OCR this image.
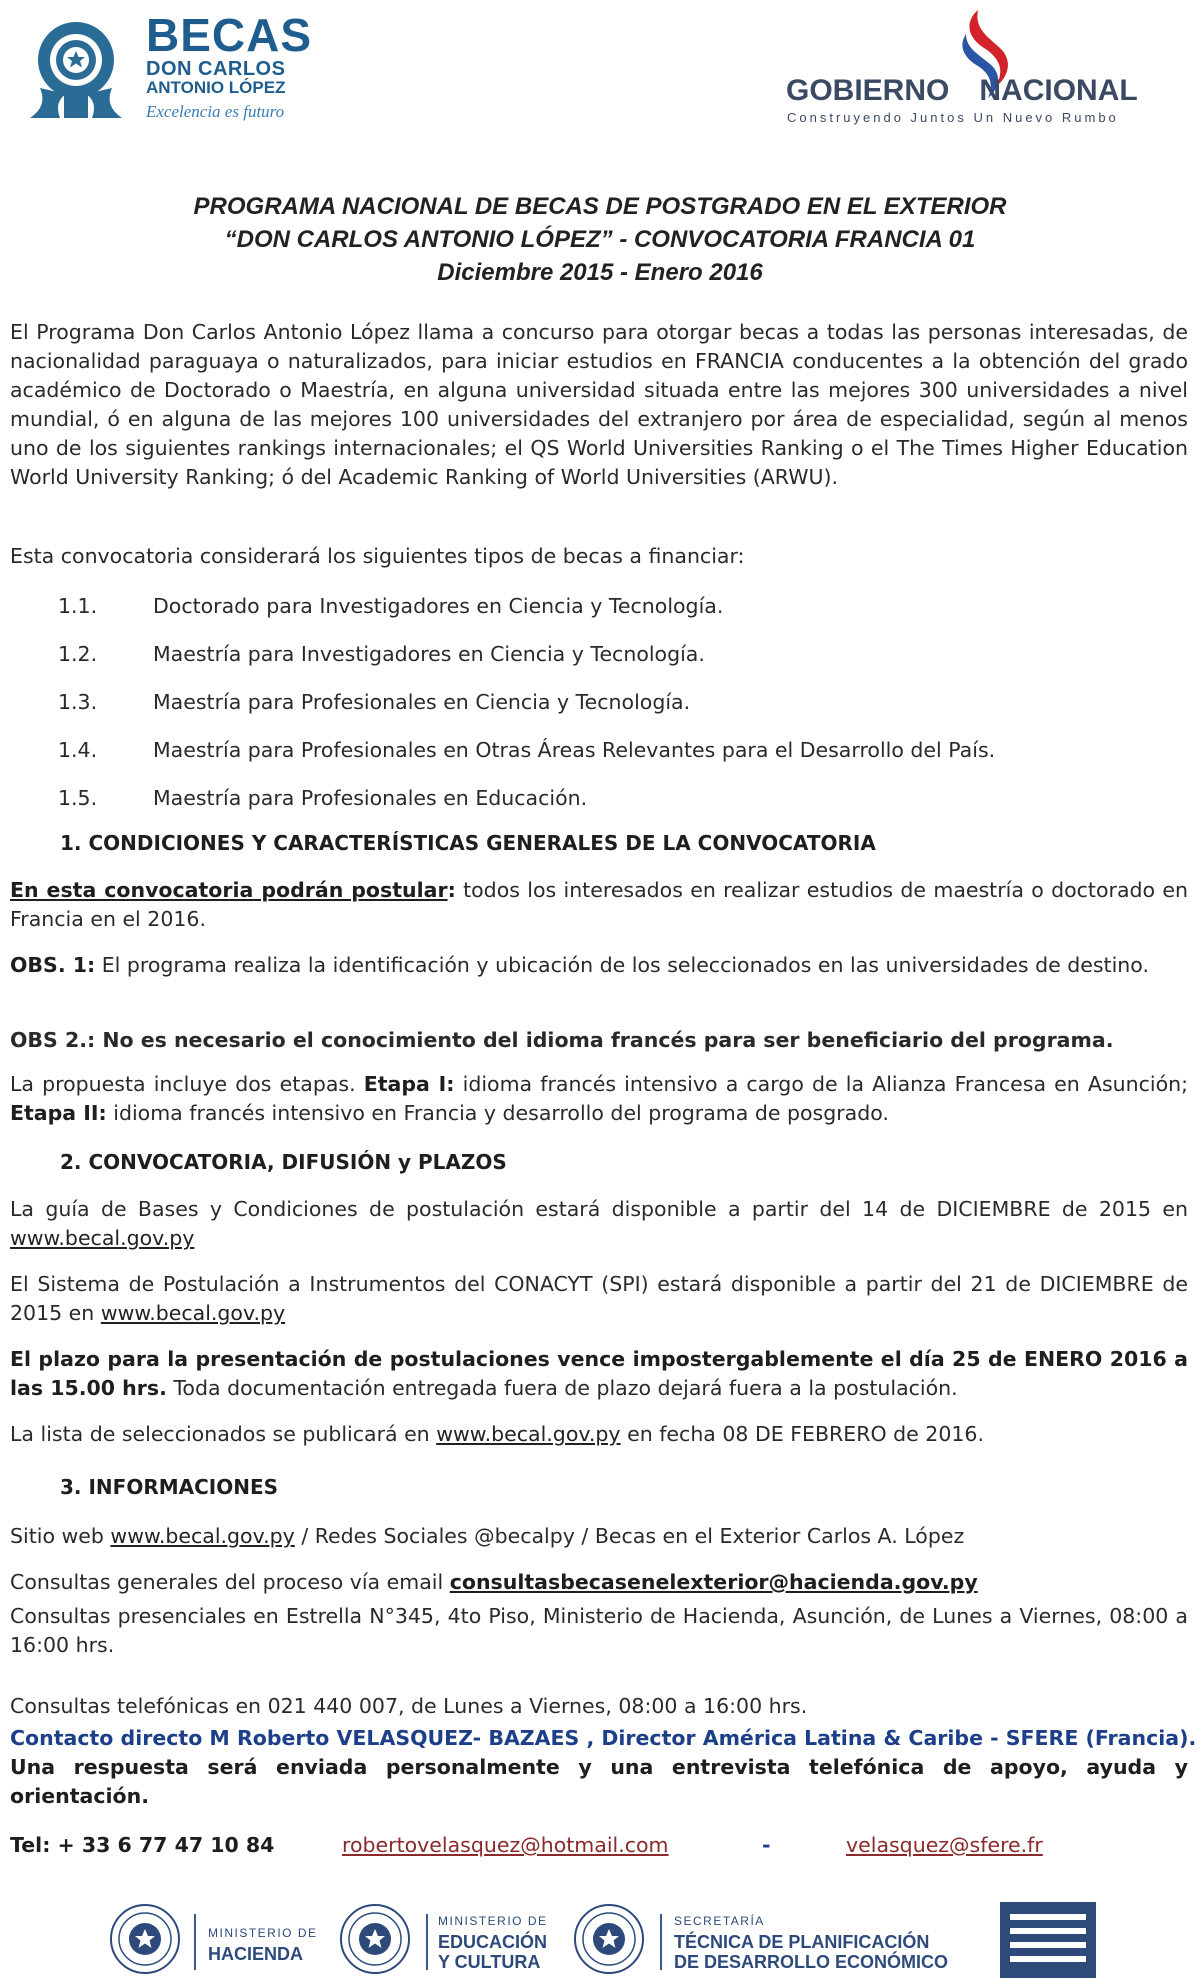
BECAS
DON CARLOS
ANTONIO LÓPEZ
Excelencia es futuro
GOBIERNO NACIONAL
Construyendo Juntos Un Nuevo Rumbo
PROGRAMA NACIONAL DE BECAS DE POSTGRADO EN EL EXTERIOR
“DON CARLOS ANTONIO LÓPEZ” - CONVOCATORIA FRANCIA 01
Diciembre 2015 - Enero 2016
El Programa Don Carlos Antonio López llama a concurso para otorgar becas a todas las personas interesadas, de nacionalidad paraguaya o naturalizados, para iniciar estudios en FRANCIA conducentes a la obtención del grado académico de Doctorado o Maestría, en alguna universidad situada entre las mejores 300 universidades a nivel mundial, ó en alguna de las mejores 100 universidades del extranjero por área de especialidad, según al menos uno de los siguientes rankings internacionales; el QS World Universities Ranking o el The Times Higher Education World University Ranking; ó del Academic Ranking of World Universities (ARWU).
Esta convocatoria considerará los siguientes tipos de becas a financiar:
1.1.	Doctorado para Investigadores en Ciencia y Tecnología.
1.2.	Maestría para Investigadores en Ciencia y Tecnología.
1.3.	Maestría para Profesionales en Ciencia y Tecnología.
1.4.	Maestría para Profesionales en Otras Áreas Relevantes para el Desarrollo del País.
1.5.	Maestría para Profesionales en Educación.
1. CONDICIONES Y CARACTERÍSTICAS GENERALES DE LA CONVOCATORIA
En esta convocatoria podrán postular: todos los interesados en realizar estudios de maestría o doctorado en Francia en el 2016.
OBS. 1: El programa realiza la identificación y ubicación de los seleccionados en las universidades de destino.
OBS 2.: No es necesario el conocimiento del idioma francés para ser beneficiario del programa.
La propuesta incluye dos etapas. Etapa I: idioma francés intensivo a cargo de la Alianza Francesa en Asunción; Etapa II: idioma francés intensivo en Francia y desarrollo del programa de posgrado.
2. CONVOCATORIA, DIFUSIÓN y PLAZOS
La guía de Bases y Condiciones de postulación estará disponible a partir del 14 de DICIEMBRE de 2015 en www.becal.gov.py
El Sistema de Postulación a Instrumentos del CONACYT (SPI) estará disponible a partir del 21 de DICIEMBRE de 2015 en www.becal.gov.py
El plazo para la presentación de postulaciones vence impostergablemente el día 25 de ENERO 2016 a las 15.00 hrs. Toda documentación entregada fuera de plazo dejará fuera a la postulación.
La lista de seleccionados se publicará en www.becal.gov.py en fecha 08 DE FEBRERO de 2016.
3. INFORMACIONES
Sitio web www.becal.gov.py / Redes Sociales @becalpy / Becas en el Exterior Carlos A. López
Consultas generales del proceso vía email consultasbecasenelexterior@hacienda.gov.py
Consultas presenciales en Estrella N°345, 4to Piso, Ministerio de Hacienda, Asunción, de Lunes a Viernes, 08:00 a 16:00 hrs.
Consultas telefónicas en 021 440 007, de Lunes a Viernes, 08:00 a 16:00 hrs.
Contacto directo M Roberto VELASQUEZ- BAZAES , Director América Latina & Caribe - SFERE (Francia).
Una respuesta será enviada personalmente y una entrevista telefónica de apoyo, ayuda y orientación.
Tel: + 33 6 77 47 10 84	robertovelasquez@hotmail.com	-	velasquez@sfere.fr
MINISTERIO DE
HACIENDA
MINISTERIO DE
EDUCACIÓN
Y CULTURA
SECRETARÍA
TÉCNICA DE PLANIFICACIÓN
DE DESARROLLO ECONÓMICO
